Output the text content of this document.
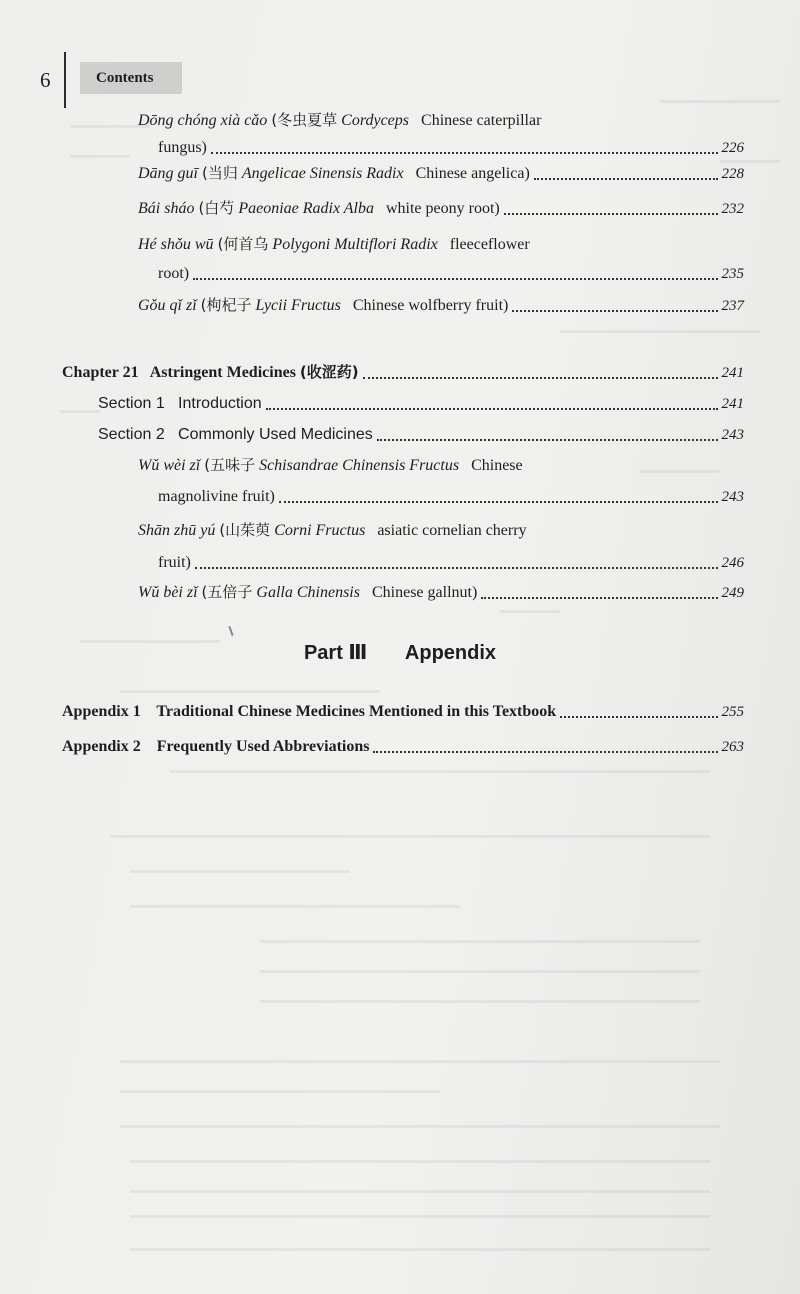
6	Contents
Dōng chóng xià cǎo (冬虫夏草 Cordyceps Chinese caterpillar
fungus)	226
Dāng guī (当归 Angelicae Sinensis Radix Chinese angelica)	228
Bái sháo (白芍 Paeoniae Radix Alba white peony root)	232
Hé shǒu wū (何首乌 Polygoni Multiflori Radix fleeceflower
root)	235
Gǒu qǐ zǐ (枸杞子 Lycii Fructus Chinese wolfberry fruit)	237
Chapter 21 Astringent Medicines (收涩药)	241
Section 1   Introduction	241
Section 2   Commonly Used Medicines	243
Wǔ wèi zǐ (五味子 Schisandrae Chinensis Fructus Chinese
magnolivine fruit)	243
Shān zhū yú (山茱萸 Corni Fructus asiatic cornelian cherry
fruit)	246
Wǔ bèi zǐ (五倍子 Galla Chinensis Chinese gallnut)	249
Part Ⅲ Appendix
Appendix 1 Traditional Chinese Medicines Mentioned in this Textbook	255
Appendix 2 Frequently Used Abbreviations	263
